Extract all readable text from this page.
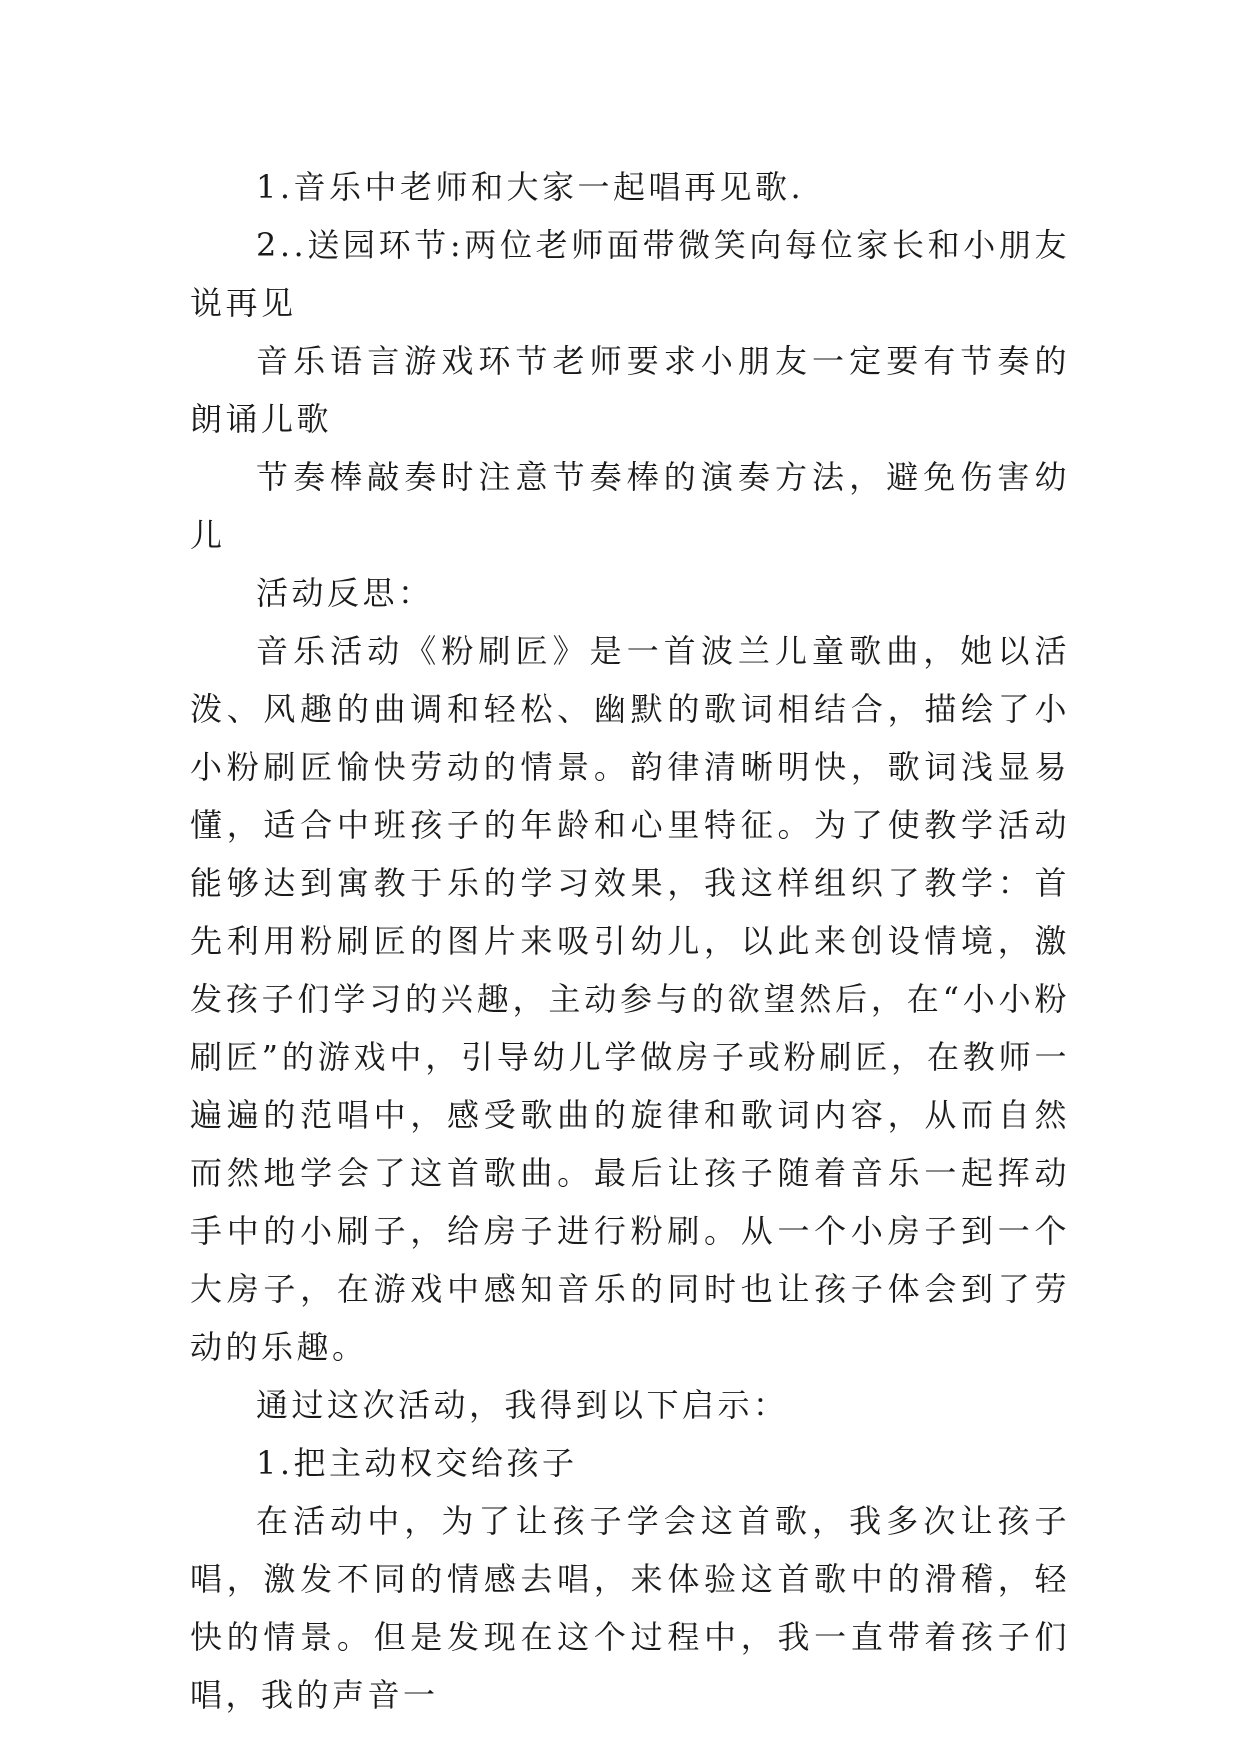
1.音乐中老师和大家一起唱再见歌.

2..送园环节:两位老师面带微笑向每位家长和小朋友说再见

音乐语言游戏环节老师要求小朋友一定要有节奏的朗诵儿歌

节奏棒敲奏时注意节奏棒的演奏方法，避免伤害幼儿

活动反思：

音乐活动《粉刷匠》是一首波兰儿童歌曲，她以活泼、风趣的曲调和轻松、幽默的歌词相结合，描绘了小小粉刷匠愉快劳动的情景。韵律清晰明快，歌词浅显易懂，适合中班孩子的年龄和心里特征。为了使教学活动能够达到寓教于乐的学习效果，我这样组织了教学：首先利用粉刷匠的图片来吸引幼儿，以此来创设情境，激发孩子们学习的兴趣，主动参与的欲望然后，在“小小粉刷匠”的游戏中，引导幼儿学做房子或粉刷匠，在教师一遍遍的范唱中，感受歌曲的旋律和歌词内容，从而自然而然地学会了这首歌曲。最后让孩子随着音乐一起挥动手中的小刷子，给房子进行粉刷。从一个小房子到一个大房子，在游戏中感知音乐的同时也让孩子体会到了劳动的乐趣。

通过这次活动，我得到以下启示：

1.把主动权交给孩子

在活动中，为了让孩子学会这首歌，我多次让孩子唱，激发不同的情感去唱，来体验这首歌中的滑稽，轻快的情景。但是发现在这个过程中，我一直带着孩子们唱，我的声音一
